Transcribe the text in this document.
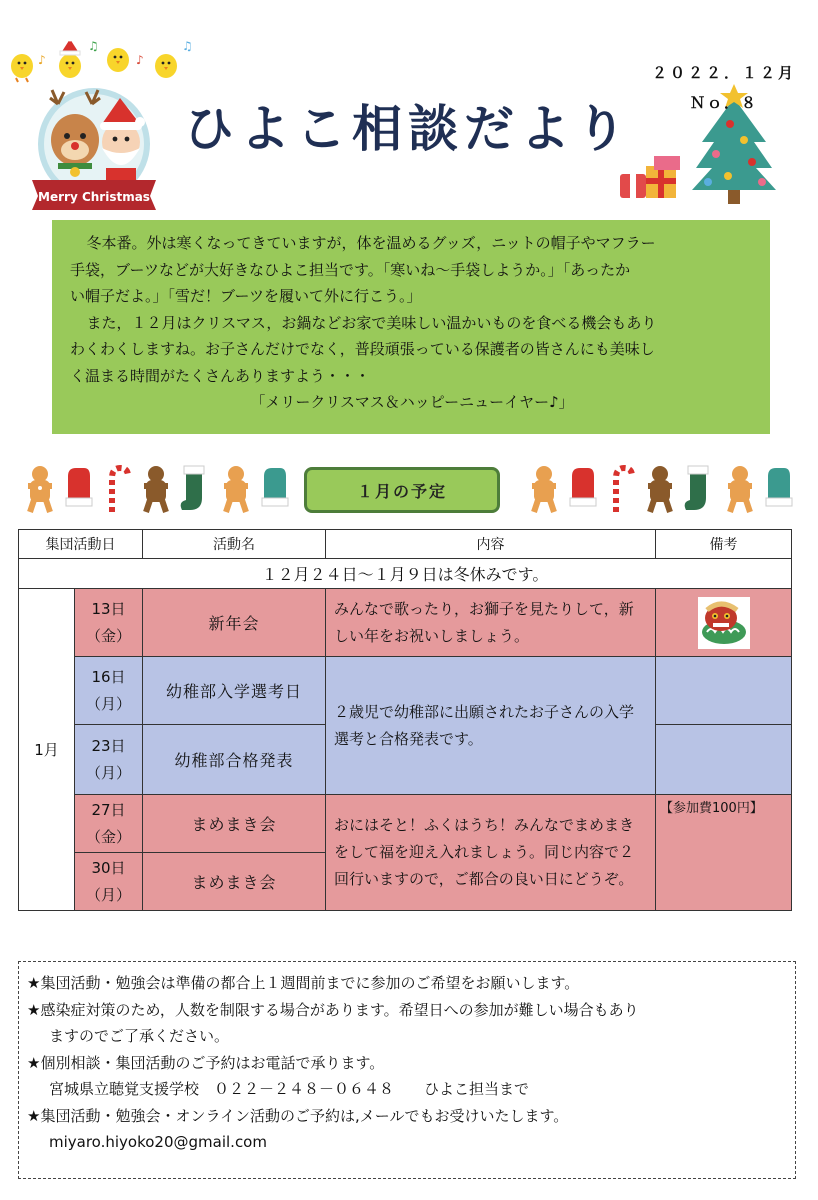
♪
♫
♪
♫
Merry Christmas
ひよこ相談だより
２０２２．１２月
Ｎｏ．８

冬本番。外は寒くなってきていますが，体を温めるグッズ，ニットの帽子やマフラー

手袋，ブーツなどが大好きなひよこ担当です。「寒いね～手袋しようか。」「あったか

い帽子だよ。」「雪だ！ブーツを履いて外に行こう。」

また，１２月はクリスマス，お鍋などお家で美味しい温かいものを食べる機会もあり

わくわくしますね。お子さんだけでなく，普段頑張っている保護者の皆さんにも美味し

く温まる時間がたくさんありますよう・・・

「メリークリスマス＆ハッピーニューイヤー♪」

１月の予定
集団活動日		活動名	内容	備考
１２月２４日～１月９日は冬休みです。				
1月	13日
（金）	新年会	みんなで歌ったり，お獅子を見たりして，新しい年をお祝いしましょう。	

	16日
（月）	幼稚部入学選考日	２歳児で幼稚部に出願されたお子さんの入学選考と合格発表です。	

	23日
（月）	幼稚部合格発表		

	27日
（金）	まめまき会	おにはそと！ふくはうち！みんなでまめまきをして福を迎え入れましょう。同じ内容で２回行いますので，ご都合の良い日にどうぞ。	【参加費100円】

	30日
（月）	まめまき会		
★集団活動・勉強会は準備の都合上１週間前までに参加のご希望をお願いします。
★感染症対策のため，人数を制限する場合があります。希望日への参加が難しい場合もあり
ますのでご了承ください。
★個別相談・集団活動のご予約はお電話で承ります。
宮城県立聴覚支援学校　０２２－２４８－０６４８　　ひよこ担当まで
★集団活動・勉強会・オンライン活動のご予約は,メールでもお受けいたします。
miyaro.hiyoko20@gmail.com
